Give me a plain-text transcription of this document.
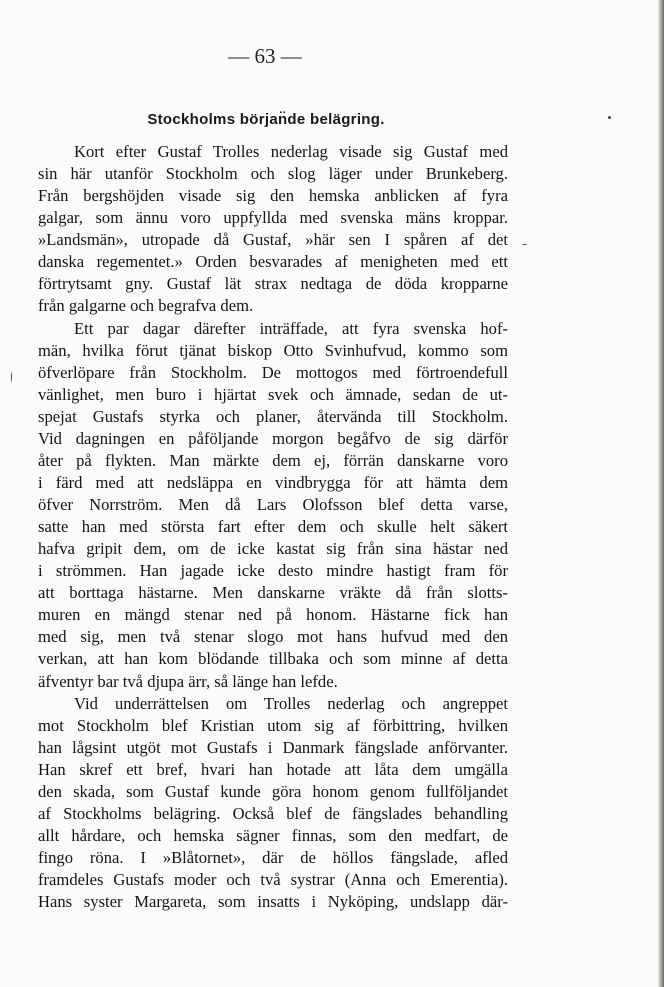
— 63 —
Stockholms början̈de belägring.
Kort efter Gustaf Trolles nederlag visade sig Gustaf med
sin här utanför Stockholm och slog läger under Brunkeberg.
Från bergshöjden visade sig den hemska anblicken af fyra
galgar, som ännu voro uppfyllda med svenska mäns kroppar.
»Landsmän», utropade då Gustaf, »här sen I spåren af det
danska regementet.» Orden besvarades af menigheten med ett
förtrytsamt gny. Gustaf lät strax nedtaga de döda kropparne
från galgarne och begrafva dem.
Ett par dagar därefter inträffade, att fyra svenska hof-
män, hvilka förut tjänat biskop Otto Svinhufvud, kommo som
öfverlöpare från Stockholm. De mottogos med förtroendefull
vänlighet, men buro i hjärtat svek och ämnade, sedan de ut-
spejat Gustafs styrka och planer, återvända till Stockholm.
Vid dagningen en påföljande morgon begåfvo de sig därför
åter på flykten. Man märkte dem ej, förrän danskarne voro
i färd med att nedsläppa en vindbrygga för att hämta dem
öfver Norrström. Men då Lars Olofsson blef detta varse,
satte han med största fart efter dem och skulle helt säkert
hafva gripit dem, om de icke kastat sig från sina hästar ned
i strömmen. Han jagade icke desto mindre hastigt fram för
att borttaga hästarne. Men danskarne vräkte då från slotts-
muren en mängd stenar ned på honom. Hästarne fick han
med sig, men två stenar slogo mot hans hufvud med den
verkan, att han kom blödande tillbaka och som minne af detta
äfventyr bar två djupa ärr, så länge han lefde.
Vid underrättelsen om Trolles nederlag och angreppet
mot Stockholm blef Kristian utom sig af förbittring, hvilken
han lågsint utgöt mot Gustafs i Danmark fängslade anförvanter.
Han skref ett bref, hvari han hotade att låta dem umgälla
den skada, som Gustaf kunde göra honom genom fullföljandet
af Stockholms belägring. Också blef de fängslades behandling
allt hårdare, och hemska sägner finnas, som den medfart, de
fingo röna. I »Blåtornet», där de höllos fängslade, afled
framdeles Gustafs moder och två systrar (Anna och Emerentia).
Hans syster Margareta, som insatts i Nyköping, undslapp där-
